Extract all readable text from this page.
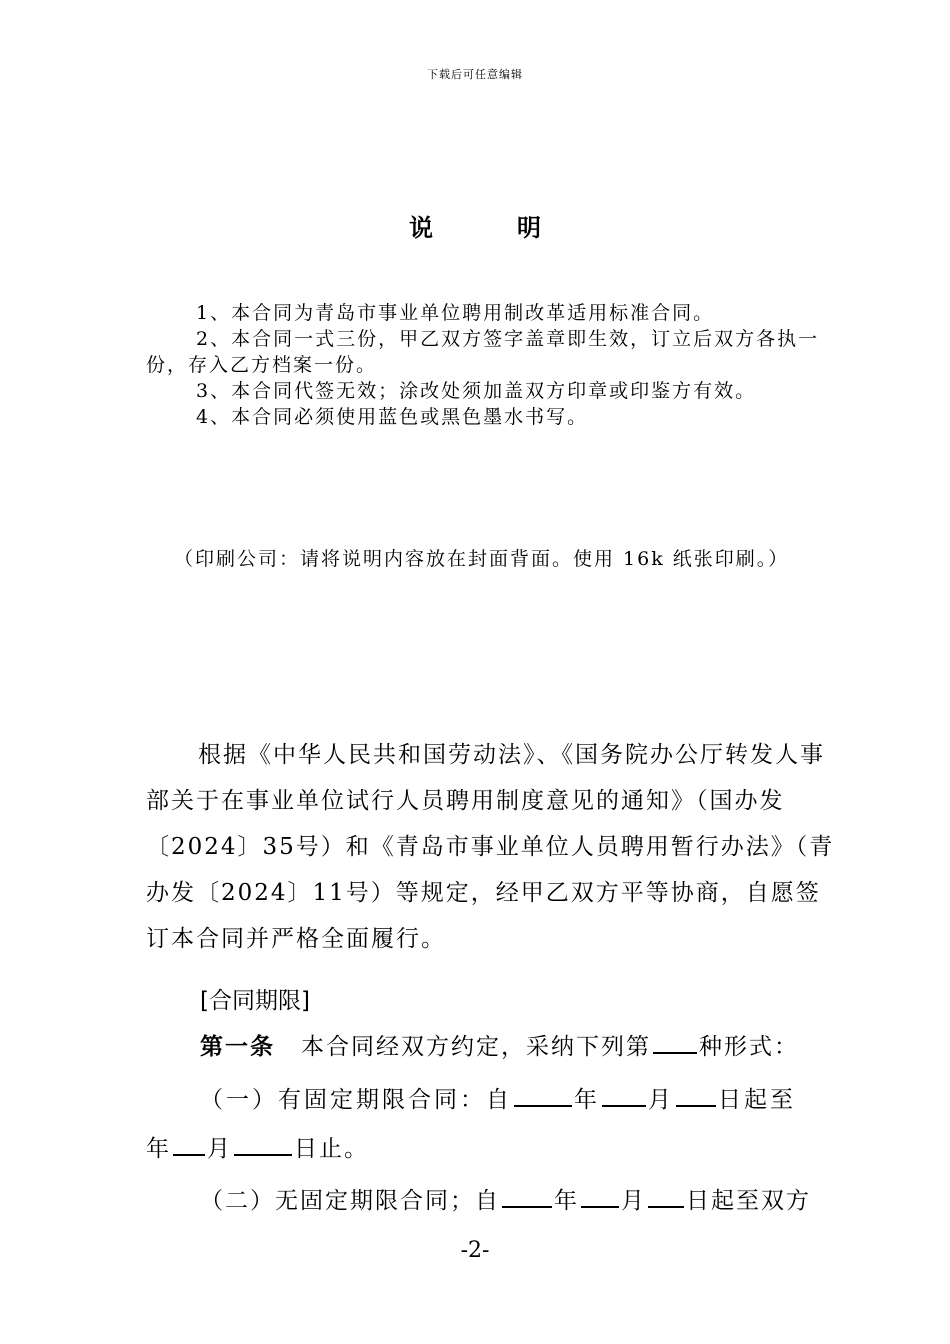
下载后可任意编辑
说	明

1、本合同为青岛市事业单位聘用制改革适用标准合同。

2、本合同一式三份，甲乙双方签字盖章即生效，订立后双方各执一份，存入乙方档案一份。

3、本合同代签无效；涂改处须加盖双方印章或印鉴方有效。

4、本合同必须使用蓝色或黑色墨水书写。

（印刷公司：请将说明内容放在封面背面。使用 16k 纸张印刷。）

根据《中华人民共和国劳动法》、《国务院办公厅转发人事部关于在事业单位试行人员聘用制度意见的通知》（国办发〔2024〕35号）和《青岛市事业单位人员聘用暂行办法》（青办发〔2024〕11号）等规定，经甲乙双方平等协商，自愿签订本合同并严格全面履行。

[合同期限]
第一条 本合同经双方约定，采纳下列第 种形式：
（一）有固定期限合同：自	年 月 日起至
年 月	日止。
（二）无固定期限合同；自 年 月 日起至双方
-2-
